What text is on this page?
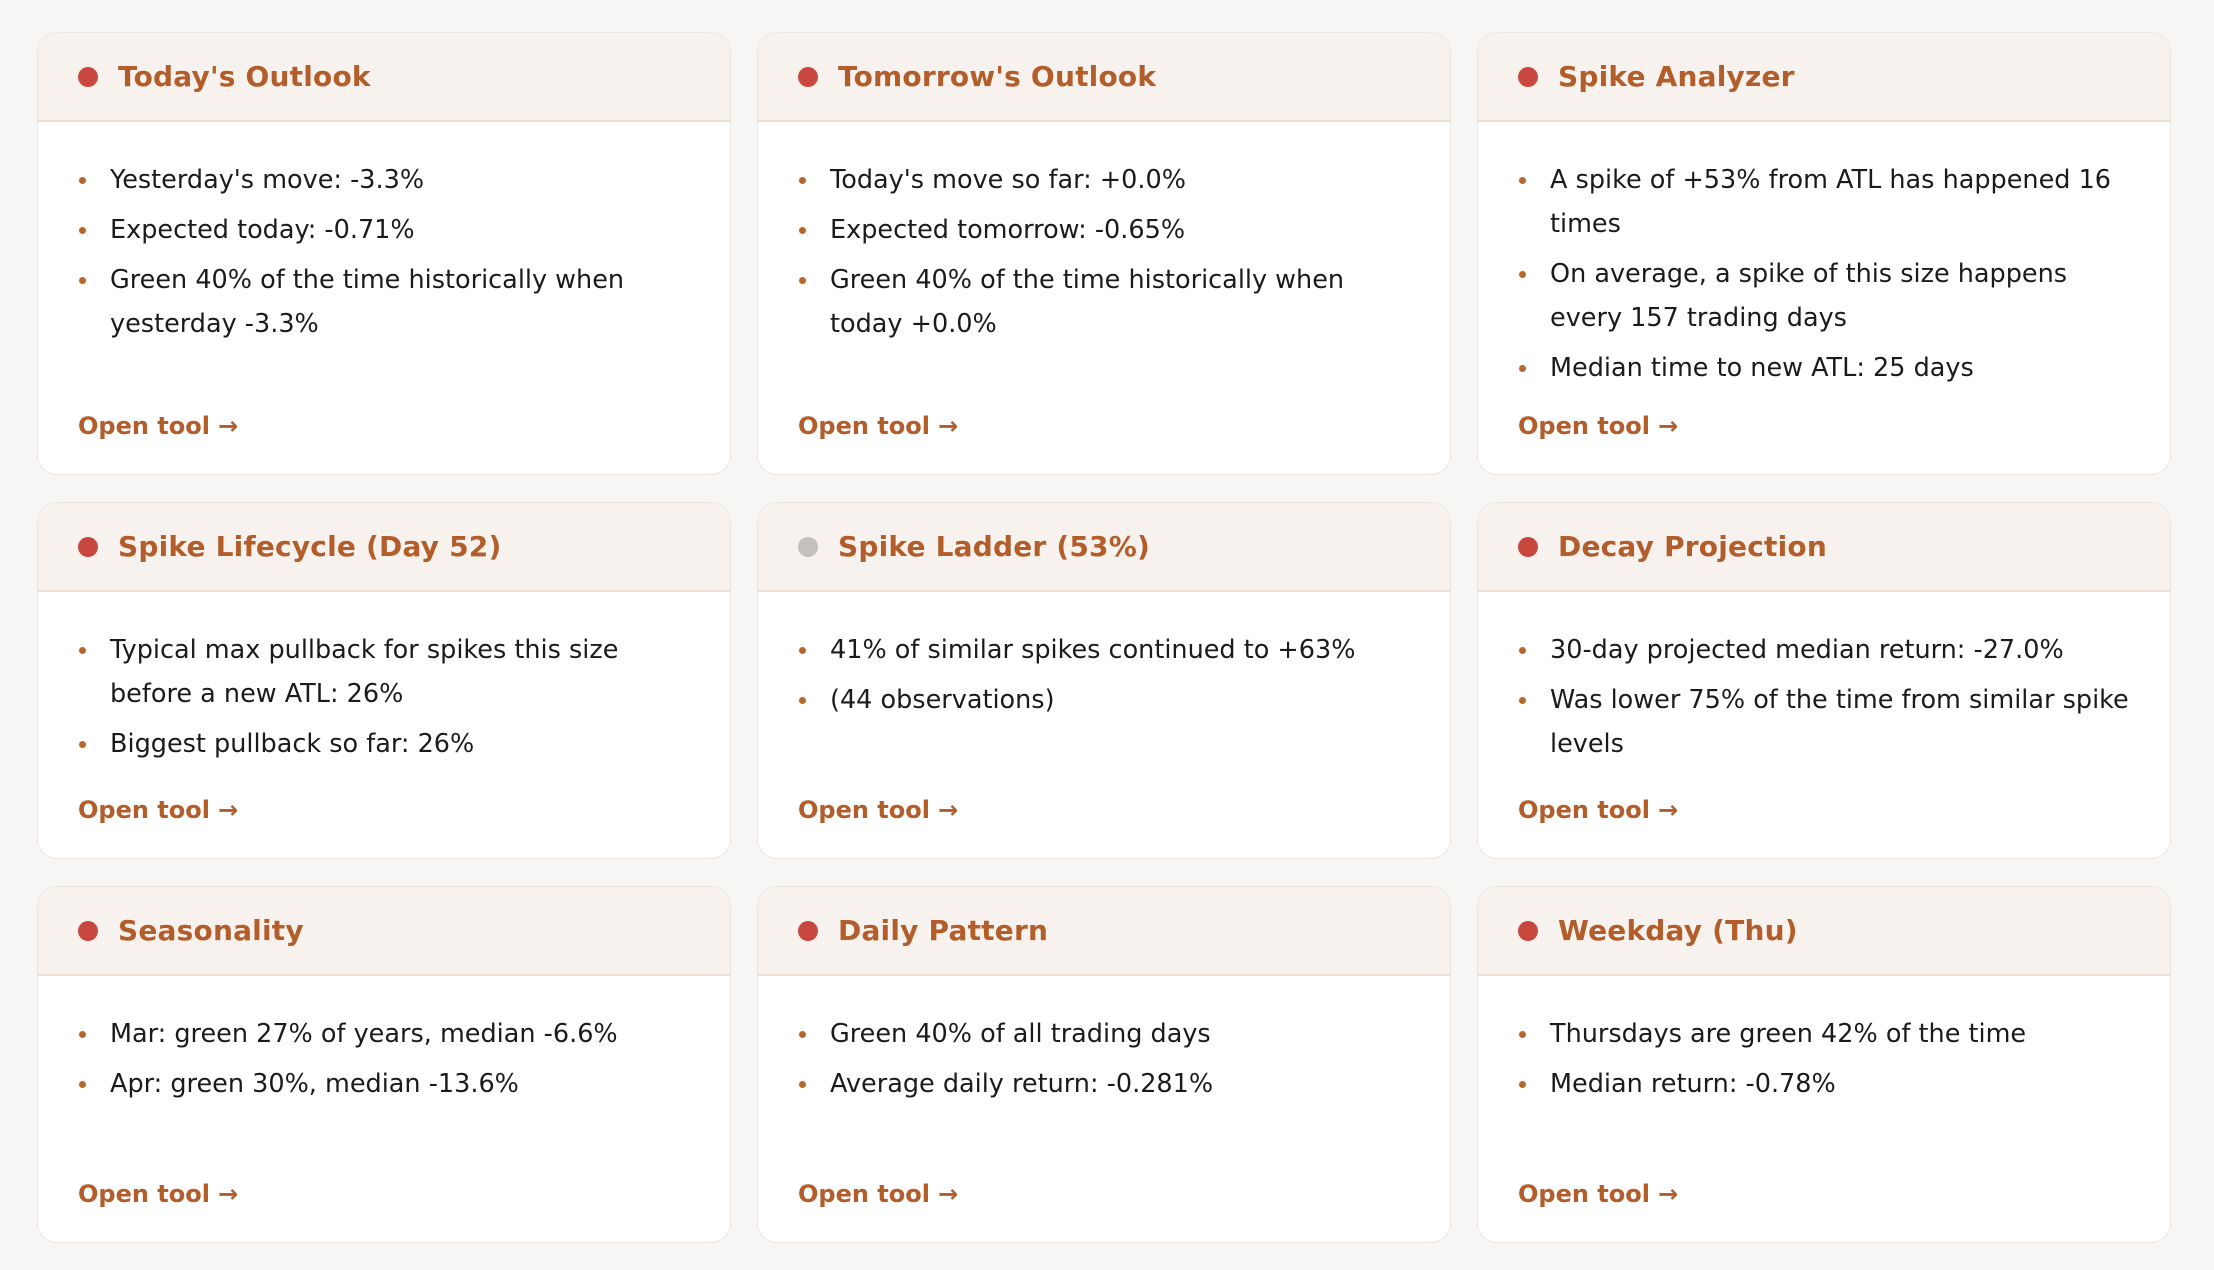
Today's Outlook
Yesterday's move: -3.3%
Expected today: -0.71%
Green 40% of the time historically when yesterday -3.3%
Open tool →
Tomorrow's Outlook
Today's move so far: +0.0%
Expected tomorrow: -0.65%
Green 40% of the time historically when today +0.0%
Open tool →
Spike Analyzer
A spike of +53% from ATL has happened 16 times
On average, a spike of this size happens every 157 trading days
Median time to new ATL: 25 days
Open tool →
Spike Lifecycle (Day 52)
Typical max pullback for spikes this size before a new ATL: 26%
Biggest pullback so far: 26%
Open tool →
Spike Ladder (53%)
41% of similar spikes continued to +63%
(44 observations)
Open tool →
Decay Projection
30-day projected median return: -27.0%
Was lower 75% of the time from similar spike levels
Open tool →
Seasonality
Mar: green 27% of years, median -6.6%
Apr: green 30%, median -13.6%
Open tool →
Daily Pattern
Green 40% of all trading days
Average daily return: -0.281%
Open tool →
Weekday (Thu)
Thursdays are green 42% of the time
Median return: -0.78%
Open tool →
